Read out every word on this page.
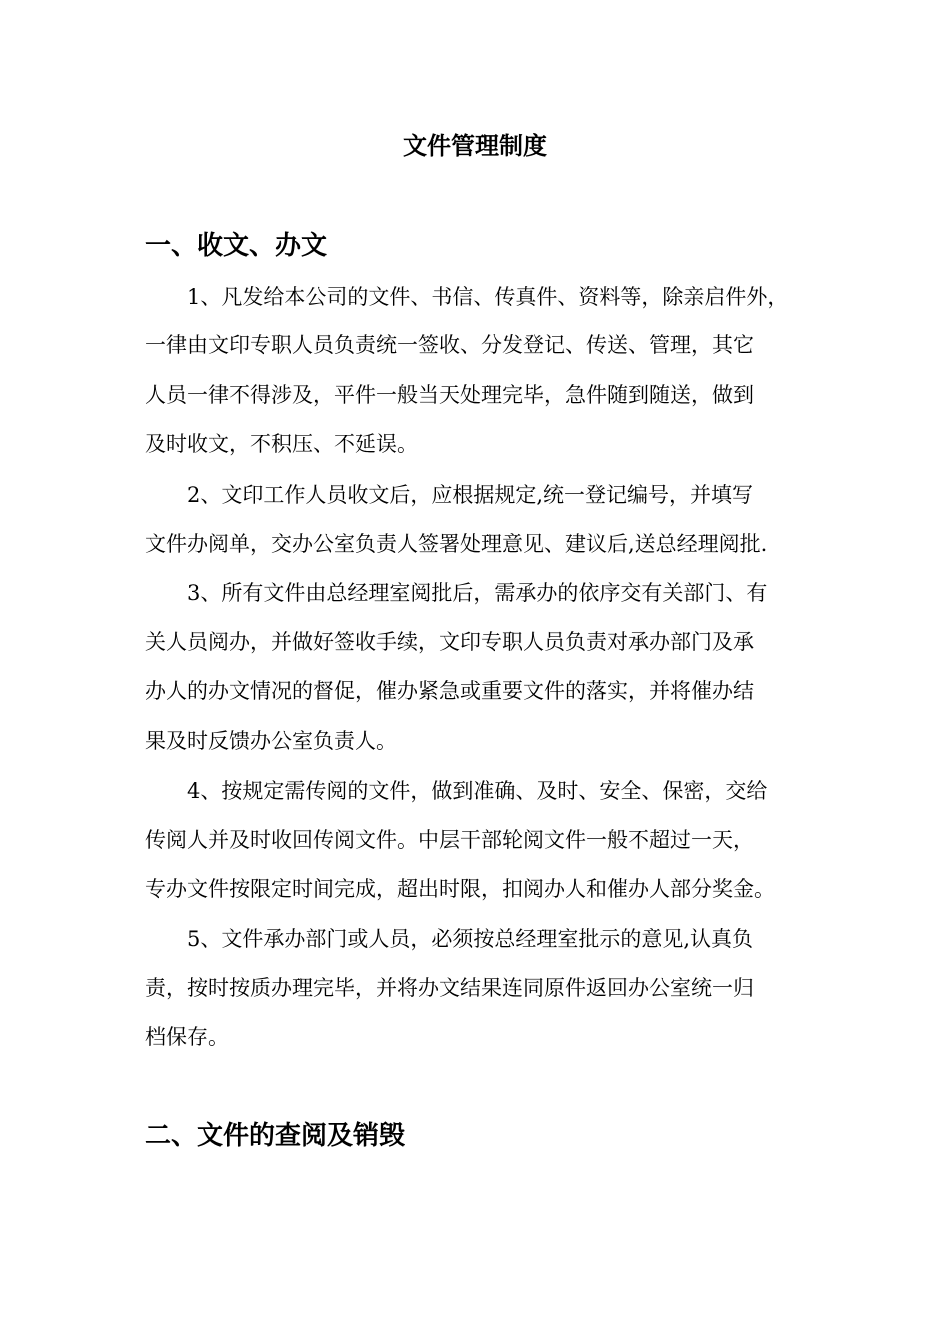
文件管理制度
一、收文、办文
1、凡发给本公司的文件、书信、传真件、资料等，除亲启件外，
一律由文印专职人员负责统一签收、分发登记、传送、管理，其它
人员一律不得涉及，平件一般当天处理完毕，急件随到随送，做到
及时收文，不积压、不延误。
2、文印工作人员收文后，应根据规定,统一登记编号，并填写
文件办阅单，交办公室负责人签署处理意见、建议后,送总经理阅批.
3、所有文件由总经理室阅批后，需承办的依序交有关部门、有
关人员阅办，并做好签收手续，文印专职人员负责对承办部门及承
办人的办文情况的督促，催办紧急或重要文件的落实，并将催办结
果及时反馈办公室负责人。
4、按规定需传阅的文件，做到准确、及时、安全、保密，交给
传阅人并及时收回传阅文件。中层干部轮阅文件一般不超过一天，
专办文件按限定时间完成，超出时限，扣阅办人和催办人部分奖金。
5、文件承办部门或人员，必须按总经理室批示的意见,认真负
责，按时按质办理完毕，并将办文结果连同原件返回办公室统一归
档保存。
二、文件的查阅及销毁
